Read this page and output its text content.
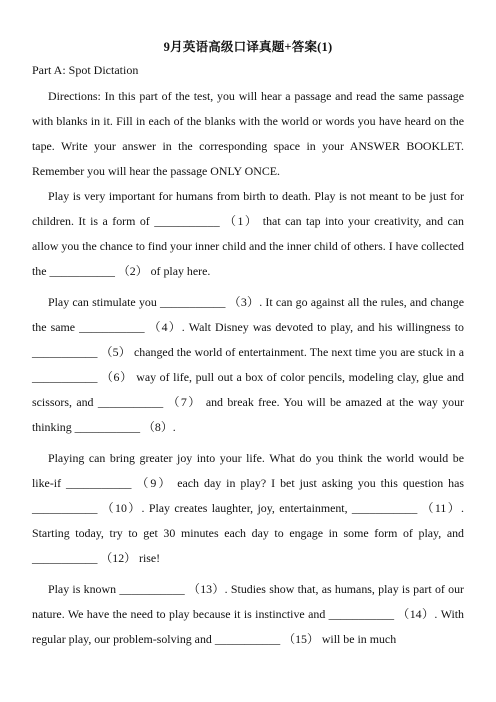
9月英语高级口译真题+答案(1)
Part A: Spot Dictation

Directions: In this part of the test, you will hear a passage and read the same passage with blanks in it. Fill in each of the blanks with the world or words you have heard on the tape. Write your answer in the corresponding space in your ANSWER BOOKLET. Remember you will hear the passage ONLY ONCE.

Play is very important for humans from birth to death. Play is not meant to be just for children. It is a form of ___________ （1） that can tap into your creativity, and can allow you the chance to find your inner child and the inner child of others. I have collected the ___________ （2） of play here.

Play can stimulate you ___________ （3）. It can go against all the rules, and change the same ___________ （4）. Walt Disney was devoted to play, and his willingness to ___________ （5） changed the world of entertainment. The next time you are stuck in a ___________ （6） way of life, pull out a box of color pencils, modeling clay, glue and scissors, and ___________ （7） and break free. You will be amazed at the way your thinking ___________ （8）.

Playing can bring greater joy into your life. What do you think the world would be like-if ___________ （9） each day in play? I bet just asking you this question has ___________ （10）. Play creates laughter, joy, entertainment, ___________ （11）. Starting today, try to get 30 minutes each day to engage in some form of play, and ___________ （12） rise!

Play is known ___________ （13）. Studies show that, as humans, play is part of our nature. We have the need to play because it is instinctive and ___________ （14）. With regular play, our problem-solving and ___________ （15） will be in much
